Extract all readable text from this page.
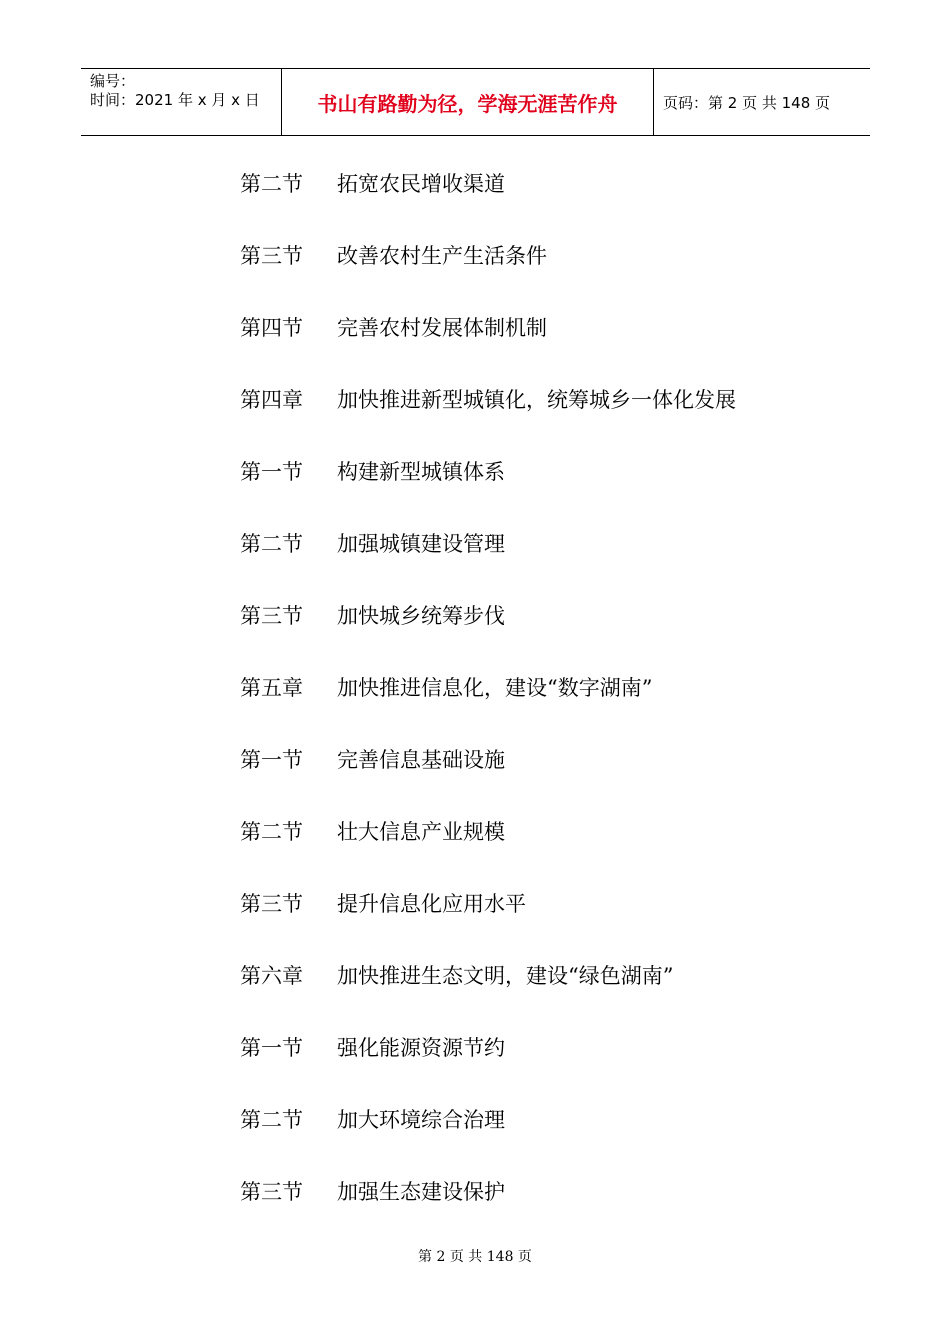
编号：
时间：2021 年 x 月 x 日	书山有路勤为径，学海无涯苦作舟	页码：第 2 页 共 148 页
第二节	拓宽农民增收渠道
第三节	改善农村生产生活条件
第四节	完善农村发展体制机制
第四章	加快推进新型城镇化，统筹城乡一体化发展
第一节	构建新型城镇体系
第二节	加强城镇建设管理
第三节	加快城乡统筹步伐
第五章	加快推进信息化，建设“数字湖南”
第一节	完善信息基础设施
第二节	壮大信息产业规模
第三节	提升信息化应用水平
第六章	加快推进生态文明，建设“绿色湖南”
第一节	强化能源资源节约
第二节	加大环境综合治理
第三节	加强生态建设保护
第 2 页 共 148 页
